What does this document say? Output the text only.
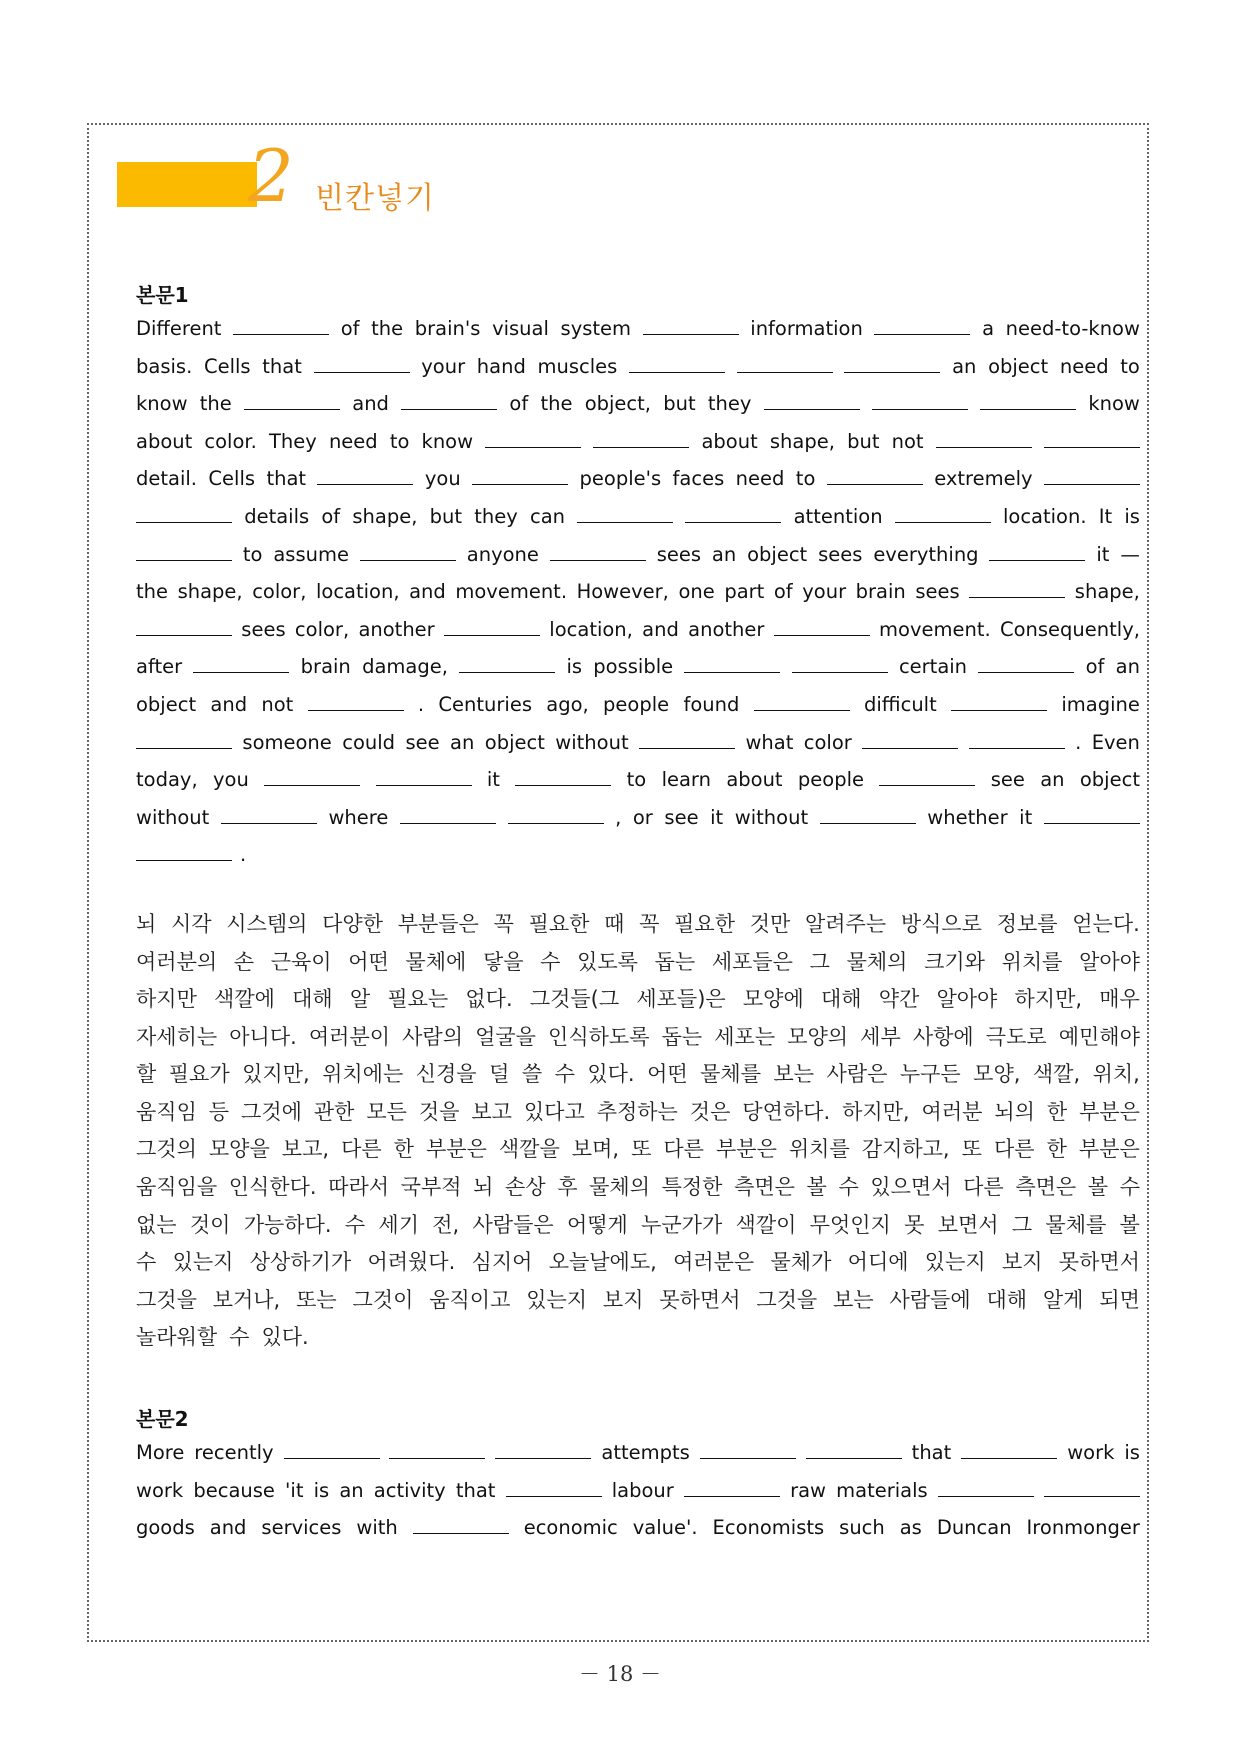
2 빈칸넣기
본문1
Different	of the brain's visual system	information	a need-to-know
basis. Cells that	your hand muscles	an object need to
know the	and	of the object, but they	know
about color. They need to know	about shape, but not
detail. Cells that	you	people's faces need to	extremely
details of shape, but they can	attention	location. It is
to assume	anyone	sees an object sees everything	it —
the shape, color, location, and movement. However, one part of your brain sees	shape,
sees color, another	location, and another	movement. Consequently,
after	brain damage,	is possible	certain	of an
object and not	. Centuries ago, people found	difficult	imagine
someone could see an object without	what color	. Even
today, you	it	to learn about people	see an object
without	where	, or see it without	whether it
.
뇌 시각 시스템의 다양한 부분들은 꼭 필요한 때 꼭 필요한 것만 알려주는 방식으로 정보를 얻는다.
여러분의 손 근육이 어떤 물체에 닿을 수 있도록 돕는 세포들은 그 물체의 크기와 위치를 알아야
하지만 색깔에 대해 알 필요는 없다. 그것들(그 세포들)은 모양에 대해 약간 알아야 하지만, 매우
자세히는 아니다. 여러분이 사람의 얼굴을 인식하도록 돕는 세포는 모양의 세부 사항에 극도로 예민해야
할 필요가 있지만, 위치에는 신경을 덜 쓸 수 있다. 어떤 물체를 보는 사람은 누구든 모양, 색깔, 위치,
움직임 등 그것에 관한 모든 것을 보고 있다고 추정하는 것은 당연하다. 하지만, 여러분 뇌의 한 부분은
그것의 모양을 보고, 다른 한 부분은 색깔을 보며, 또 다른 부분은 위치를 감지하고, 또 다른 한 부분은
움직임을 인식한다. 따라서 국부적 뇌 손상 후 물체의 특정한 측면은 볼 수 있으면서 다른 측면은 볼 수
없는 것이 가능하다. 수 세기 전, 사람들은 어떻게 누군가가 색깔이 무엇인지 못 보면서 그 물체를 볼
수 있는지 상상하기가 어려웠다. 심지어 오늘날에도, 여러분은 물체가 어디에 있는지 보지 못하면서
그것을 보거나, 또는 그것이 움직이고 있는지 보지 못하면서 그것을 보는 사람들에 대해 알게 되면
놀라워할 수 있다.
본문2
More recently	attempts	that	work is
work because 'it is an activity that	labour	raw materials
goods and services with	economic value'. Economists such as Duncan Ironmonger
－ 18 －
